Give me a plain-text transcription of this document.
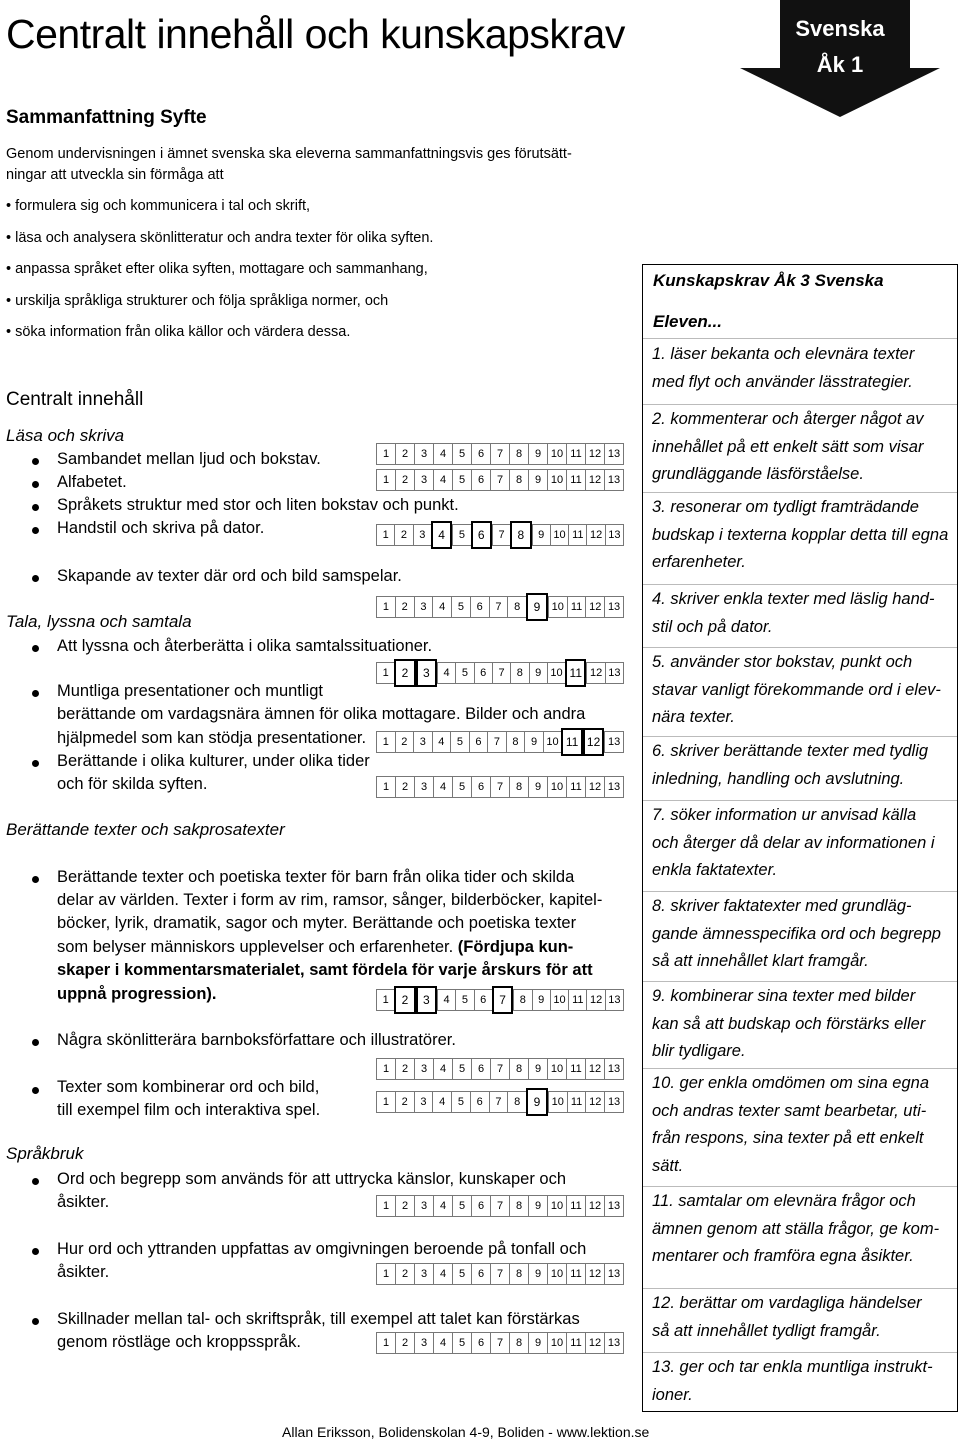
Centralt innehåll och kunskapskrav	Svenska
Åk 1
Sammanfattning Syfte
Genom undervisningen i ämnet svenska ska eleverna sammanfattningsvis ges förutsätt-
ningar att utveckla sin förmåga att
• formulera sig och kommunicera i tal och skrift,
• läsa och analysera skönlitteratur och andra texter för olika syften.
• anpassa språket efter olika syften, mottagare och sammanhang,
• urskilja språkliga strukturer och följa språkliga normer, och
• söka information från olika källor och värdera dessa.
Centralt innehåll
Läsa och skriva
Sambandet mellan ljud och bokstav.
Alfabetet.
Språkets struktur med stor och liten bokstav och punkt.
Handstil och skriva på dator.
Skapande av texter där ord och bild samspelar.
Tala, lyssna och samtala
Att lyssna och återberätta i olika samtalssituationer.
Muntliga presentationer och muntligt
berättande om vardagsnära ämnen för olika mottagare. Bilder och andra
hjälpmedel som kan stödja presentationer.
Berättande i olika kulturer, under olika tider
och för skilda syften.
Berättande texter och sakprosatexter
Berättande texter och poetiska texter för barn från olika tider och skilda
delar av världen. Texter i form av rim, ramsor, sånger, bilderböcker, kapitel-
böcker, lyrik, dramatik, sagor och myter. Berättande och poetiska texter
som belyser människors upplevelser och erfarenheter. (Fördjupa kun-
skaper i kommentarsmaterialet, samt fördela för varje årskurs för att
uppnå progression).
Några skönlitterära barnboksförfattare och illustratörer.
Texter som kombinerar ord och bild,
till exempel film och interaktiva spel.
Språkbruk
Ord och begrepp som används för att uttrycka känslor, kunskaper och
åsikter.
Hur ord och yttranden uppfattas av omgivningen beroende på tonfall och
åsikter.
Skillnader mellan tal- och skriftspråk, till exempel att talet kan förstärkas
genom röstläge och kroppsspråk.
1	2	3	4	5	6	7	8	9 10 11 12 13
1	2	3	4	5	6	7	8	9 10 11 12 13
1	2	3	4	5	6	7	8	9 10 11 12 13
1	2	3	4	5	6	7	8	9	10 11 12 13
1	2	3	4	5	6	7	8	9 10 11 12 13
1	2	3	4	5	6	7	8	9 10 11 12 13
1	2	3	4	5	6	7	8	9 10 11 12 13
1	2	3	4	5	6	7	8	9 10 11 12 13
1	2	3	4	5	6	7	8	9 10 11 12 13
1	2	3	4	5	6	7	8	9	10 11 12 13
1	2	3	4	5	6	7	8	9 10 11 12 13
1	2	3	4	5	6	7	8	9 10 11 12 13
1	2	3	4	5	6	7	8	9 10 11 12 13
Kunskapskrav Åk 3 Svenska
Eleven...
1. läser bekanta och elevnära texter
med flyt och använder lässtrategier.
2. kommenterar och återger något av
innehållet på ett enkelt sätt som visar
grundläggande läsförståelse.
3. resonerar om tydligt framträdande
budskap i texterna kopplar detta till egna
erfarenheter.
4. skriver enkla texter med läslig hand-
stil och på dator.
5. använder stor bokstav, punkt och
stavar vanligt förekommande ord i elev-
nära texter.
6. skriver berättande texter med tydlig
inledning, handling och avslutning.
7. söker information ur anvisad källa
och återger då delar av informationen i
enkla faktatexter.
8. skriver faktatexter med grundläg-
gande ämnesspecifika ord och begrepp
så att innehållet klart framgår.
9. kombinerar sina texter med bilder
kan så att budskap och förstärks eller
blir tydligare.
10. ger enkla omdömen om sina egna
och andras texter samt bearbetar, uti-
från respons, sina texter på ett enkelt
sätt.
11. samtalar om elevnära frågor och
ämnen genom att ställa frågor, ge kom-
mentarer och framföra egna åsikter.
12. berättar om vardagliga händelser
så att innehållet tydligt framgår.
13. ger och tar enkla muntliga instrukt-
ioner.
Allan Eriksson, Bolidenskolan 4-9, Boliden - www.lektion.se
